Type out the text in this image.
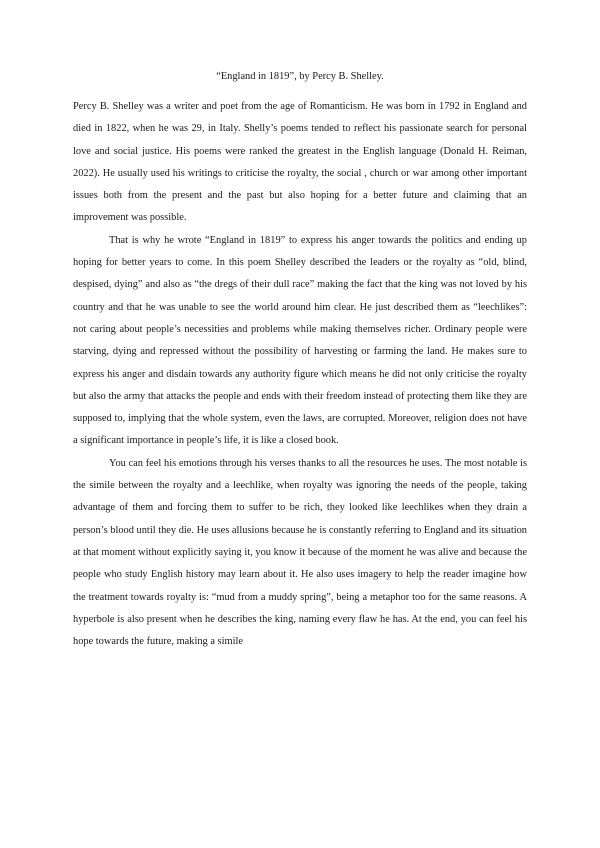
“England in 1819”, by Percy B. Shelley.

Percy B. Shelley was a writer and poet from the age of Romanticism. He was born in 1792 in England and died in 1822, when he was 29, in Italy. Shelly’s poems tended to reflect his passionate search for personal love and social justice. His poems were ranked the greatest in the English language (Donald H. Reiman, 2022). He usually used his writings to criticise the royalty, the social , church or war among other important issues both from the present and the past but also hoping for a better future and claiming that an improvement was possible.

That is why he wrote “England in 1819” to express his anger towards the politics and ending up hoping for better years to come. In this poem Shelley described the leaders or the royalty as “old, blind, despised, dying” and also as “the dregs of their dull race” making the fact that the king was not loved by his country and that he was unable to see the world around him clear. He just described them as “leechlikes”: not caring about people’s necessities and problems while making themselves richer. Ordinary people were starving, dying and repressed without the possibility of harvesting or farming the land. He makes sure to express his anger and disdain towards any authority figure which means he did not only criticise the royalty but also the army that attacks the people and ends with their freedom instead of protecting them like they are supposed to, implying that the whole system, even the laws, are corrupted. Moreover, religion does not have a significant importance in people’s life, it is like a closed book.

You can feel his emotions through his verses thanks to all the resources he uses. The most notable is the simile between the royalty and a leechlike, when royalty was ignoring the needs of the people, taking advantage of them and forcing them to suffer to be rich, they looked like leechlikes when they drain a person’s blood until they die. He uses allusions because he is constantly referring to England and its situation at that moment without explicitly saying it, you know it because of the moment he was alive and because the people who study English history may learn about it. He also uses imagery to help the reader imagine how the treatment towards royalty is: “mud from a muddy spring”, being a metaphor too for the same reasons. A hyperbole is also present when he describes the king, naming every flaw he has. At the end, you can feel his hope towards the future, making a simile
